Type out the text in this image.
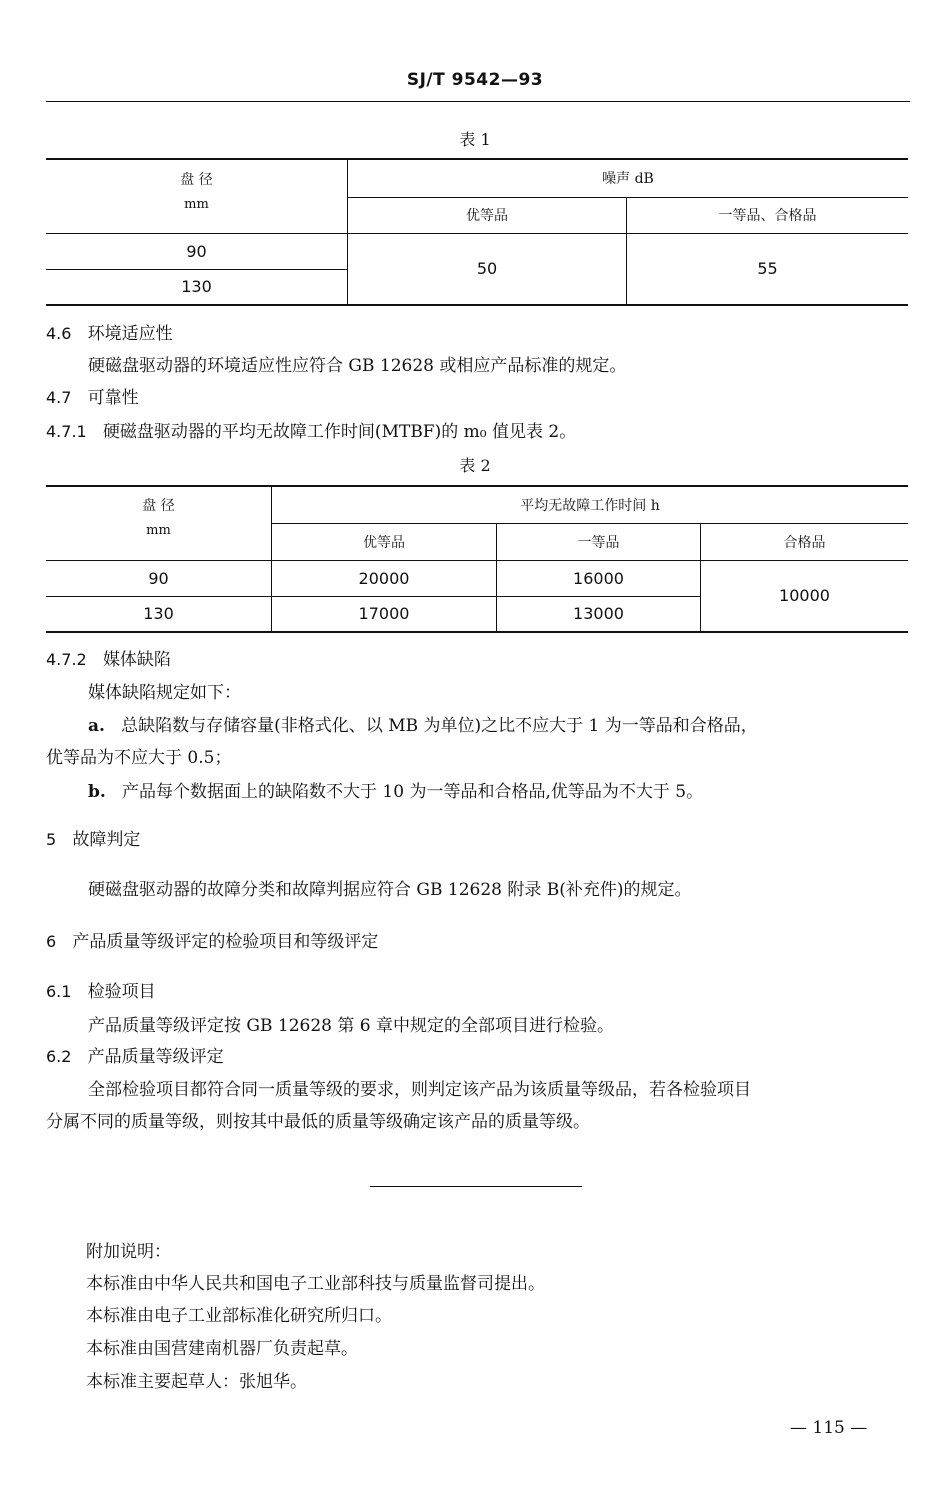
SJ/T 9542—93
表 1
盘 径	噪声 dB	
mm	优等品	一等品、合格品
90	50	55
130		
4.6 环境适应性
硬磁盘驱动器的环境适应性应符合 GB 12628 或相应产品标准的规定。
4.7 可靠性
4.7.1 硬磁盘驱动器的平均无故障工作时间(MTBF)的 m₀ 值见表 2。
表 2
盘 径	平均无故障工作时间 h		
mm	优等品	一等品	合格品
90	20000	16000	10000
130	17000	13000	
4.7.2 媒体缺陷
媒体缺陷规定如下：
a. 总缺陷数与存储容量(非格式化、以 MB 为单位)之比不应大于 1 为一等品和合格品，
优等品为不应大于 0.5；
b. 产品每个数据面上的缺陷数不大于 10 为一等品和合格品,优等品为不大于 5。
5 故障判定
硬磁盘驱动器的故障分类和故障判据应符合 GB 12628 附录 B(补充件)的规定。
6 产品质量等级评定的检验项目和等级评定
6.1 检验项目
产品质量等级评定按 GB 12628 第 6 章中规定的全部项目进行检验。
6.2 产品质量等级评定
全部检验项目都符合同一质量等级的要求，则判定该产品为该质量等级品，若各检验项目
分属不同的质量等级，则按其中最低的质量等级确定该产品的质量等级。
附加说明：
本标准由中华人民共和国电子工业部科技与质量监督司提出。
本标准由电子工业部标准化研究所归口。
本标准由国营建南机器厂负责起草。
本标准主要起草人：张旭华。
— 115 —
